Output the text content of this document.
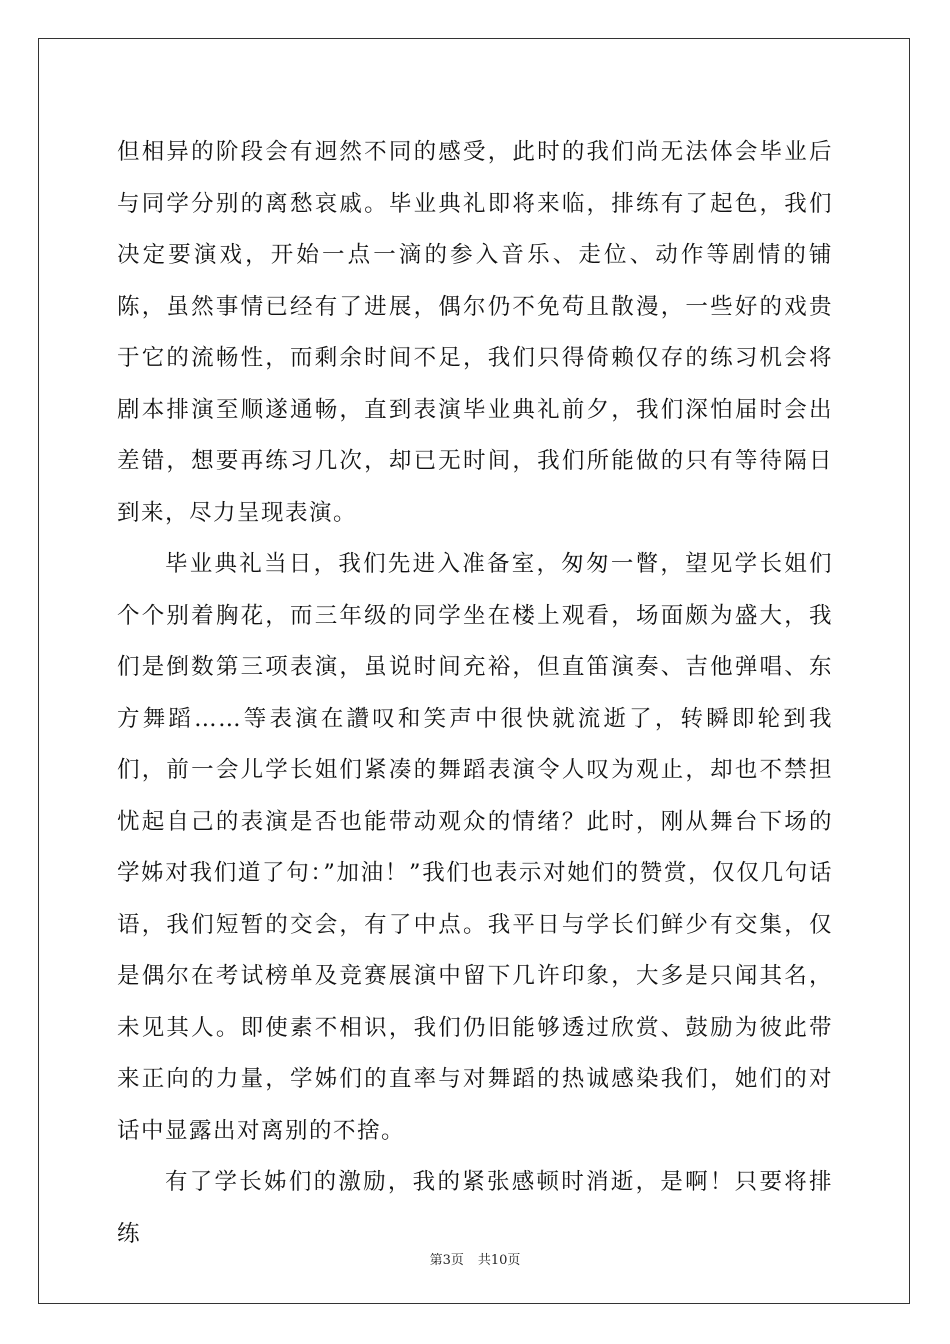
但相异的阶段会有迥然不同的感受，此时的我们尚无法体会毕业后与同学分别的离愁哀戚。毕业典礼即将来临，排练有了起色，我们决定要演戏，开始一点一滴的参入音乐、走位、动作等剧情的铺陈，虽然事情已经有了进展，偶尔仍不免苟且散漫，一些好的戏贵于它的流畅性，而剩余时间不足，我们只得倚赖仅存的练习机会将剧本排演至顺遂通畅，直到表演毕业典礼前夕，我们深怕届时会出差错，想要再练习几次，却已无时间，我们所能做的只有等待隔日到来，尽力呈现表演。

毕业典礼当日，我们先进入准备室，匆匆一瞥，望见学长姐们个个别着胸花，而三年级的同学坐在楼上观看，场面颇为盛大，我们是倒数第三项表演，虽说时间充裕，但直笛演奏、吉他弹唱、东方舞蹈……等表演在讚叹和笑声中很快就流逝了，转瞬即轮到我们，前一会儿学长姐们紧凑的舞蹈表演令人叹为观止，却也不禁担忧起自己的表演是否也能带动观众的情绪？此时，刚从舞台下场的学姊对我们道了句：”加油！”我们也表示对她们的赞赏，仅仅几句话语，我们短暂的交会，有了中点。我平日与学长们鲜少有交集，仅是偶尔在考试榜单及竞赛展演中留下几许印象，大多是只闻其名，未见其人。即使素不相识，我们仍旧能够透过欣赏、鼓励为彼此带来正向的力量，学姊们的直率与对舞蹈的热诚感染我们，她们的对话中显露出对离别的不捨。

有了学长姊们的激励，我的紧张感顿时消逝，是啊！只要将排练

第3页 共10页
